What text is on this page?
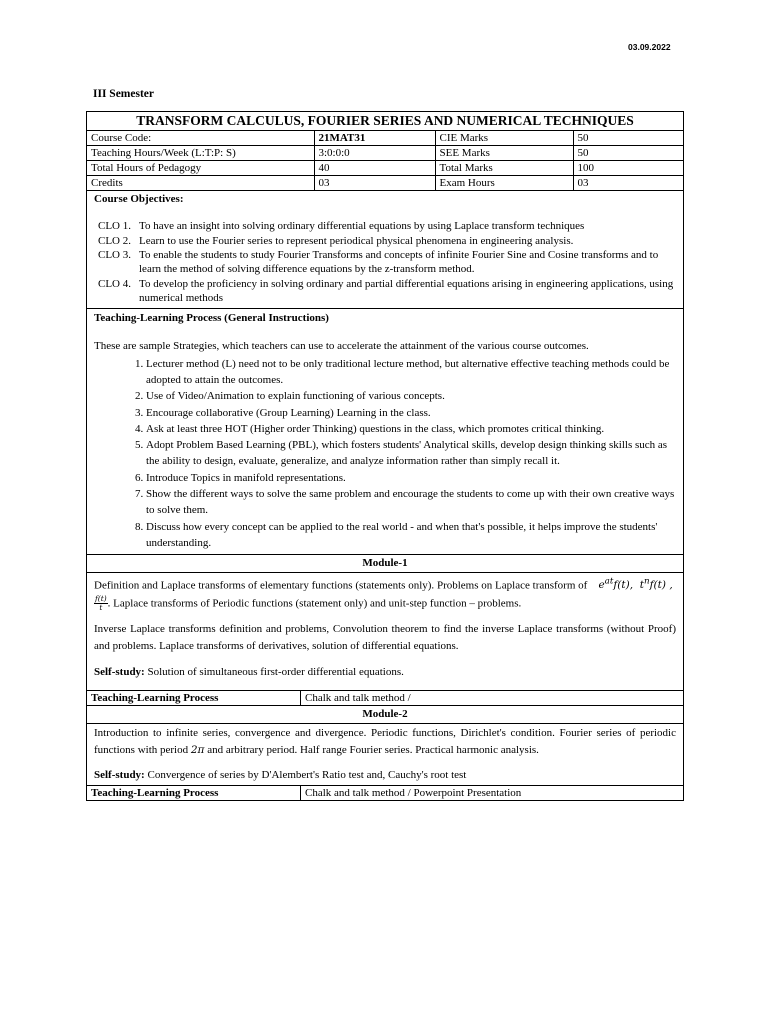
03.09.2022
III Semester
TRANSFORM CALCULUS, FOURIER SERIES AND NUMERICAL TECHNIQUES
Course Code:	21MAT31	CIE Marks	50
Teaching Hours/Week (L:T:P: S)	3:0:0:0	SEE Marks	50
Total Hours of Pedagogy	40	Total Marks	100
Credits	03	Exam Hours	03
Course Objectives:
CLO 1. To have an insight into solving ordinary differential equations by using Laplace transform techniques
CLO 2. Learn to use the Fourier series to represent periodical physical phenomena in engineering analysis.
CLO 3. To enable the students to study Fourier Transforms and concepts of infinite Fourier Sine and Cosine transforms and to learn the method of solving difference equations by the z-transform method.
CLO 4. To develop the proficiency in solving ordinary and partial differential equations arising in engineering applications, using numerical methods
Teaching-Learning Process (General Instructions)
These are sample Strategies, which teachers can use to accelerate the attainment of the various course outcomes.
1. Lecturer method (L) need not to be only traditional lecture method, but alternative effective teaching methods could be adopted to attain the outcomes.
2. Use of Video/Animation to explain functioning of various concepts.
3. Encourage collaborative (Group Learning) Learning in the class.
4. Ask at least three HOT (Higher order Thinking) questions in the class, which promotes critical thinking.
5. Adopt Problem Based Learning (PBL), which fosters students' Analytical skills, develop design thinking skills such as the ability to design, evaluate, generalize, and analyze information rather than simply recall it.
6. Introduce Topics in manifold representations.
7. Show the different ways to solve the same problem and encourage the students to come up with their own creative ways to solve them.
8. Discuss how every concept can be applied to the real world - and when that's possible, it helps improve the students' understanding.
Module-1
Definition and Laplace transforms of elementary functions (statements only). Problems on Laplace transform of    $e^{at}f(t)$, $t^nf(t)$ ,
$\frac{f(t)}{t}$ . Laplace transforms of Periodic functions (statement only) and unit-step function – problems.
Inverse Laplace transforms definition and problems, Convolution theorem to find the inverse Laplace transforms (without Proof) and problems. Laplace transforms of derivatives, solution of differential equations.
Self-study: Solution of simultaneous first-order differential equations.
Teaching-Learning Process	Chalk and talk method /
Module-2
Introduction to infinite series, convergence and divergence. Periodic functions, Dirichlet's condition. Fourier series of periodic functions with period 2π and arbitrary period. Half range Fourier series. Practical harmonic analysis.
Self-study: Convergence of series by D'Alembert's Ratio test and, Cauchy's root test
Teaching-Learning Process	Chalk and talk method / Powerpoint Presentation
